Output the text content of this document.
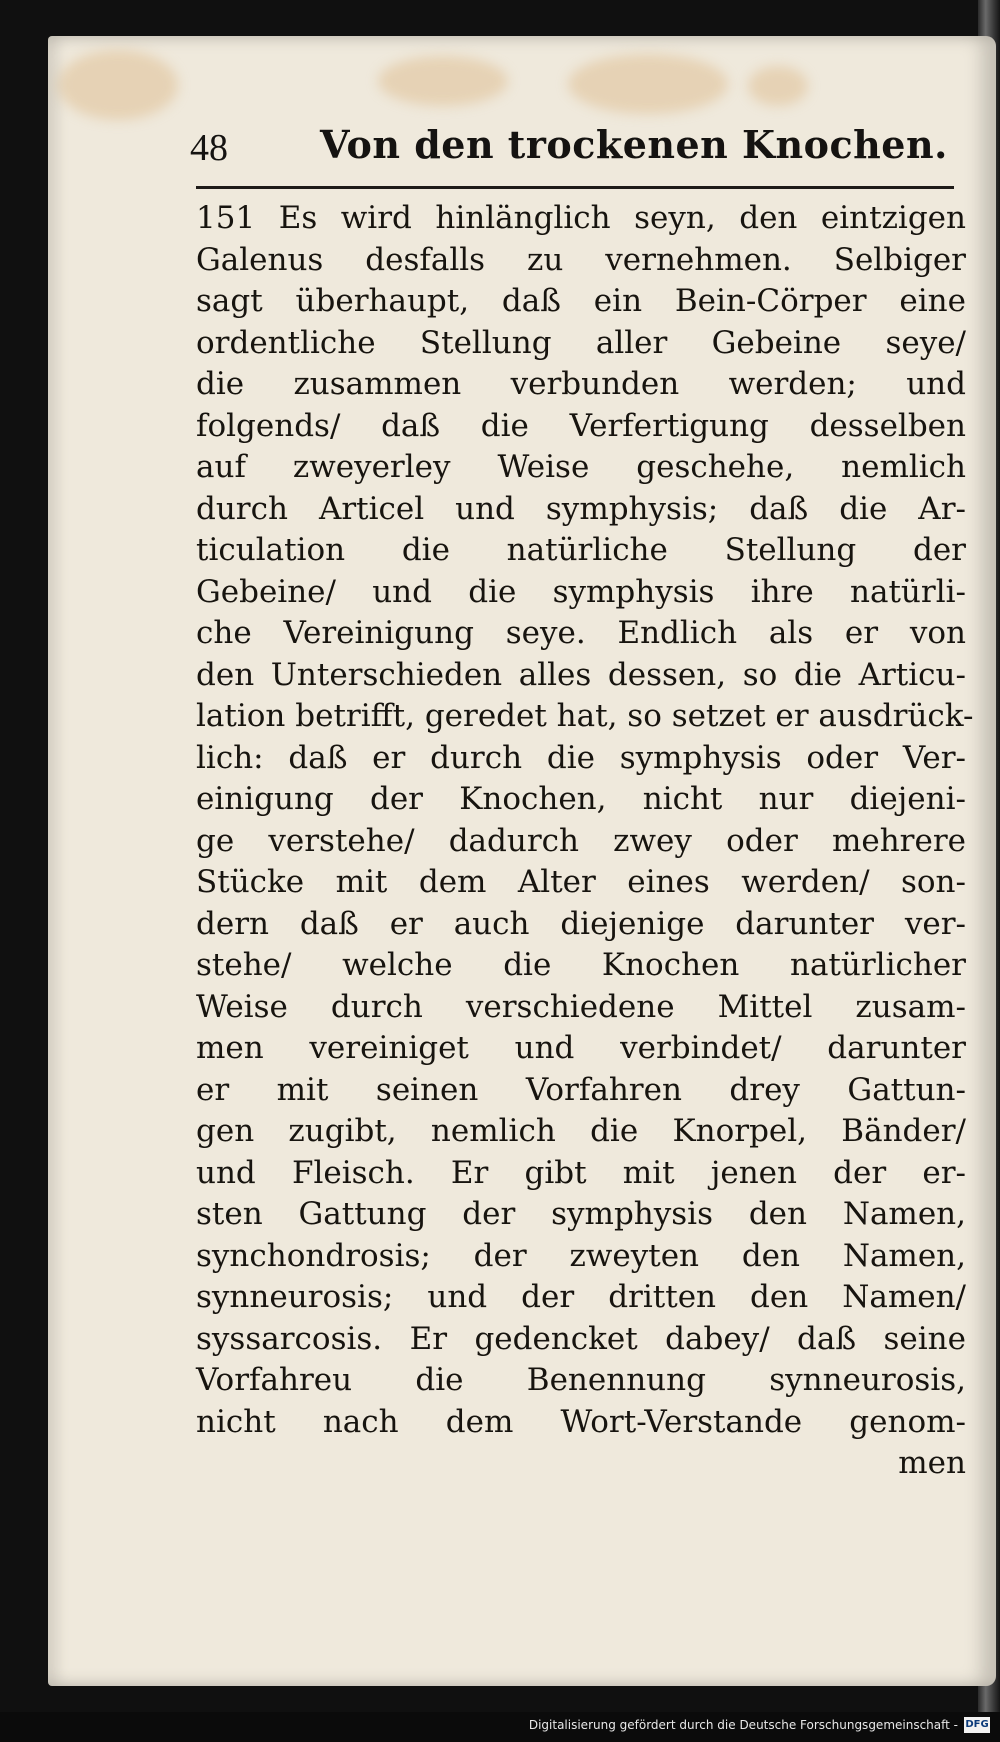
48 Von den trockenen Knochen.
151 Es wird hinlänglich seyn, den eintzigen
Galenus desfalls zu vernehmen. Selbiger
sagt überhaupt, daß ein Bein-Cörper eine
ordentliche Stellung aller Gebeine seye/
die zusammen verbunden werden; und
folgends/ daß die Verfertigung desselben
auf zweyerley Weise geschehe, nemlich
durch Articel und symphysis; daß die Ar-
ticulation die natürliche Stellung der
Gebeine/ und die symphysis ihre natürli-
che Vereinigung seye. Endlich als er von
den Unterschieden alles dessen, so die Articu-
lation betrifft, geredet hat, so setzet er ausdrück-
lich: daß er durch die symphysis oder Ver-
einigung der Knochen, nicht nur diejeni-
ge verstehe/ dadurch zwey oder mehrere
Stücke mit dem Alter eines werden/ son-
dern daß er auch diejenige darunter ver-
stehe/ welche die Knochen natürlicher
Weise durch verschiedene Mittel zusam-
men vereiniget und verbindet/ darunter
er mit seinen Vorfahren drey Gattun-
gen zugibt, nemlich die Knorpel, Bänder/
und Fleisch. Er gibt mit jenen der er-
sten Gattung der symphysis den Namen,
synchondrosis; der zweyten den Namen,
synneurosis; und der dritten den Namen/
syssarcosis. Er gedencket dabey/ daß seine
Vorfahreu die Benennung synneurosis,
nicht nach dem Wort-Verstande genom-
men
Digitalisierung gefördert durch die Deutsche Forschungsgemeinschaft - DFG
